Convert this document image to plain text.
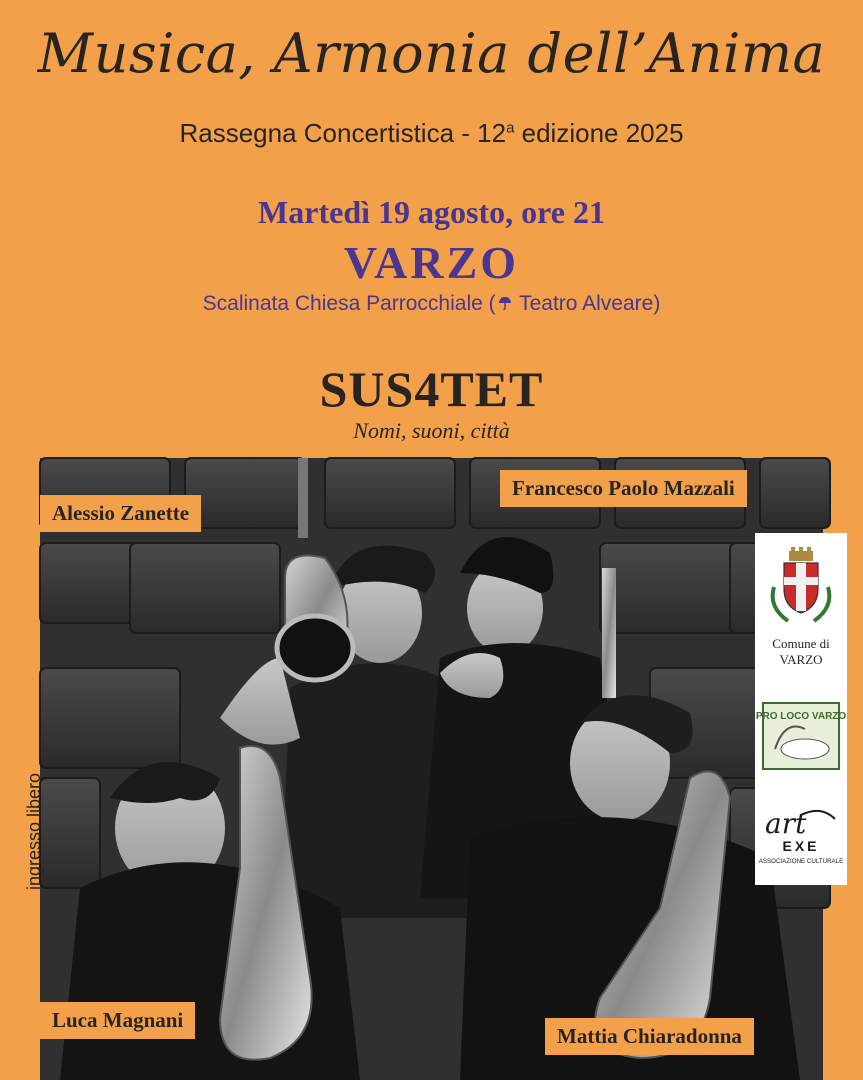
Musica, Armonia dell’Anima
Rassegna Concertistica - 12$^a$ edizione 2025
Martedì 19 agosto, ore 21
VARZO
Scalinata Chiesa Parrocchiale ( Teatro Alveare)
SUS4TET
Nomi, suoni, città
Alessio Zanette
Francesco Paolo Mazzali
Luca Magnani
Mattia Chiaradonna
ingresso libero
Comune di
VARZO
PRO LOCO VARZO
art
EXE
ASSOCIAZIONE CULTURALE
